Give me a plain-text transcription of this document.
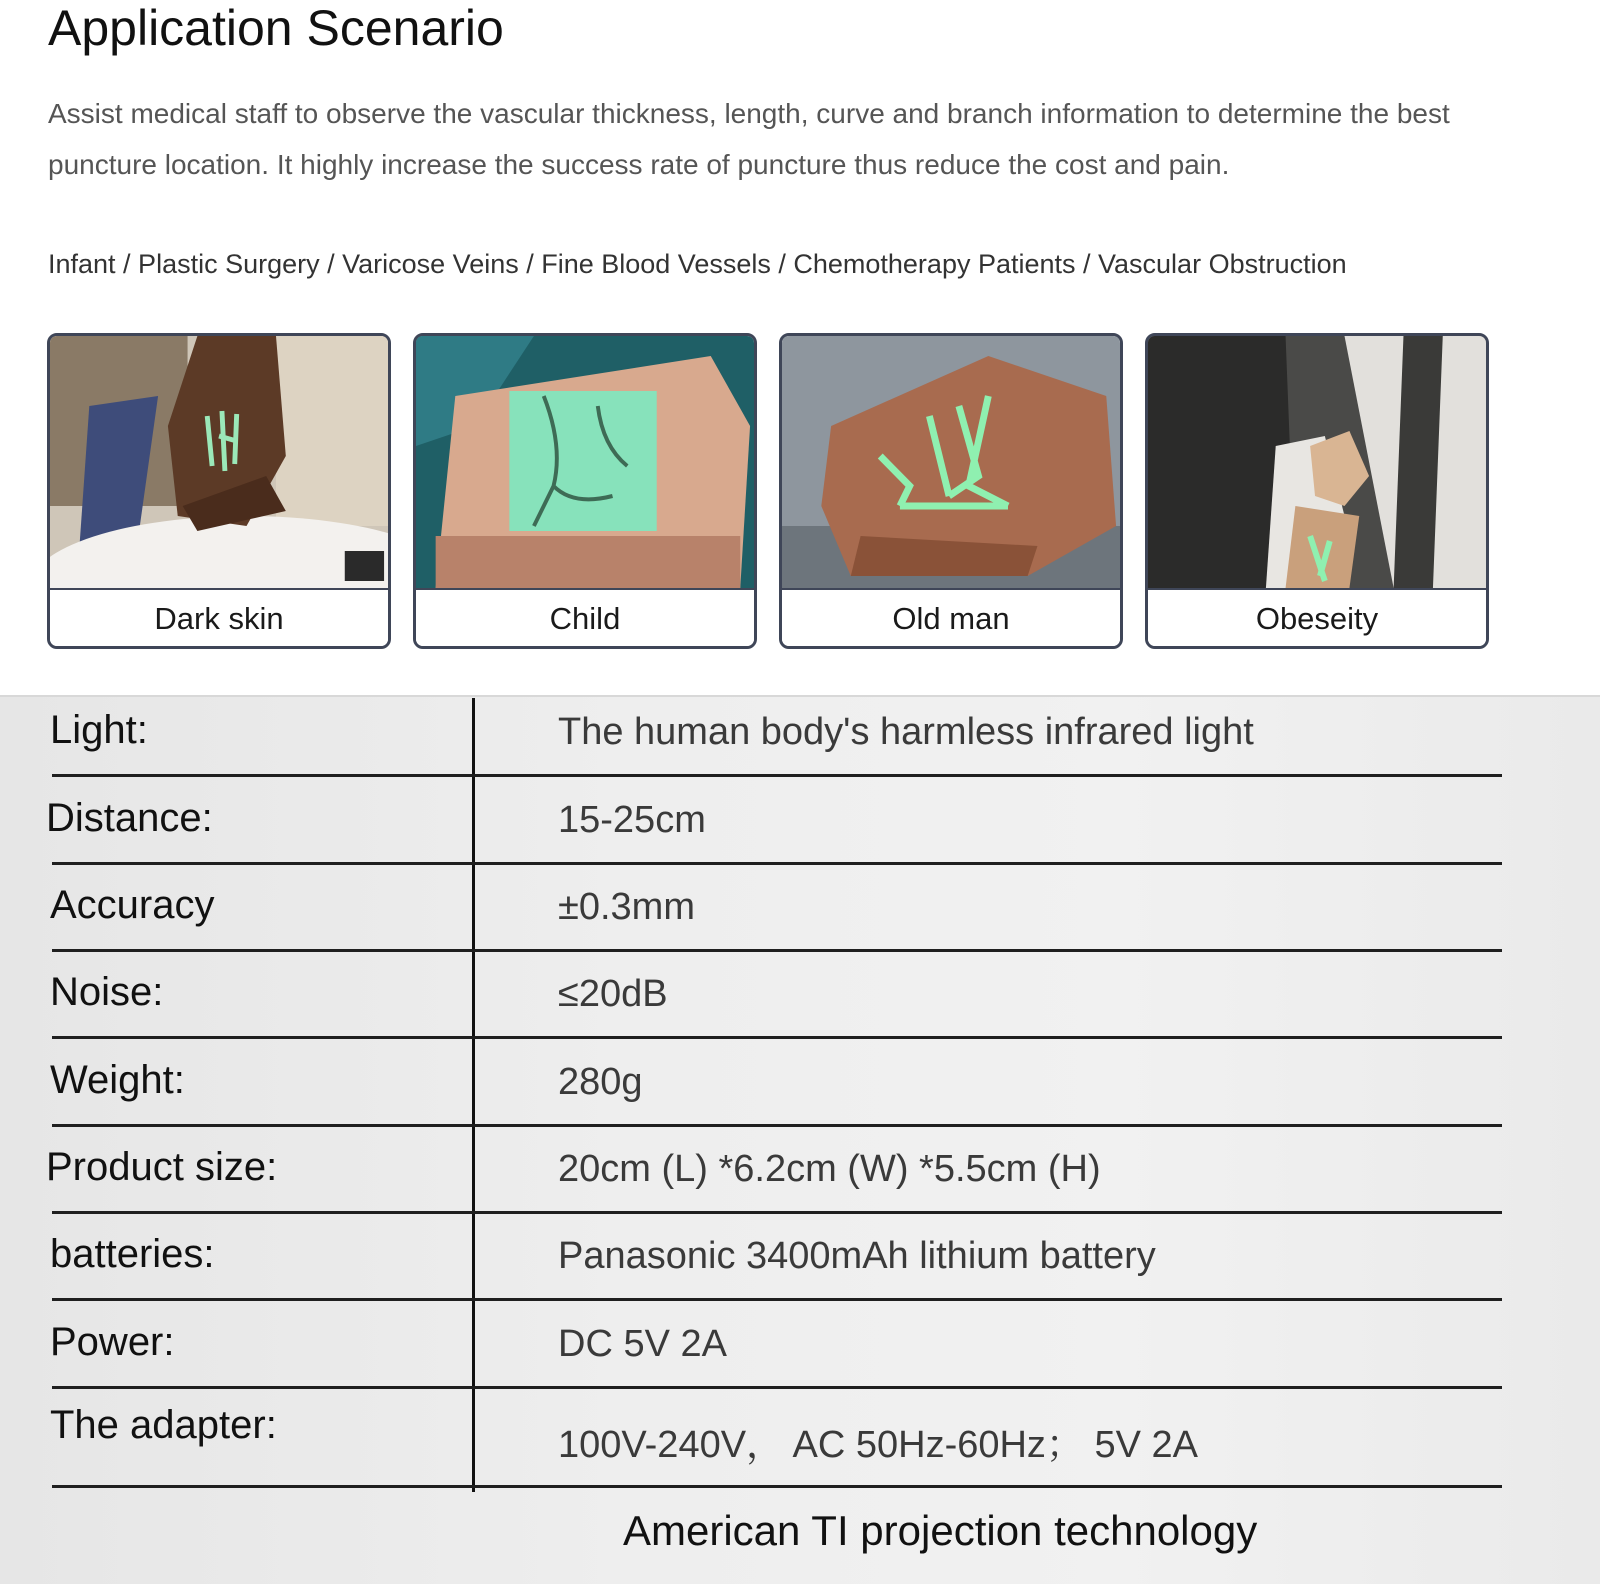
Application Scenario

Assist medical staff to observe the vascular thickness, length, curve and branch information to determine the best puncture location. It highly increase the success rate of puncture thus reduce the cost and pain.

Infant / Plastic Surgery / Varicose Veins / Fine Blood Vessels / Chemotherapy Patients / Vascular Obstruction

Dark skin	Child	Old man	Obeseity
Light:	The human body's harmless infrared light
Distance:	15-25cm
Accuracy	±0.3mm
Noise:	≤20dB
Weight:	280g
Product size:	20cm (L) *6.2cm (W) *5.5cm (H)
batteries:	Panasonic 3400mAh lithium battery
Power:	DC 5V 2A
The adapter:	100V-240V， AC 50Hz-60Hz； 5V 2A
American TI projection technology
